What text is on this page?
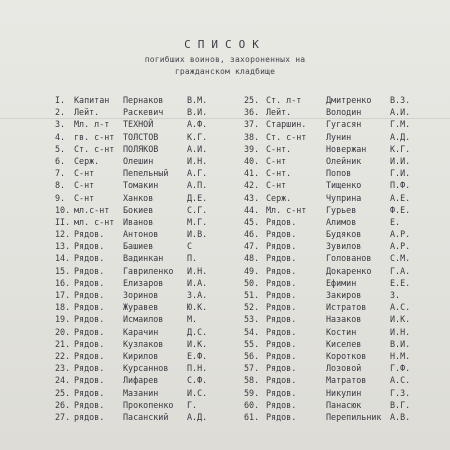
СПИСОК
погибших воинов, захороненных на
гражданском кладбище
I. Капитан Пернаков	В.М.
2. Лейт.	Раскевич	В.И.
3. Мл. л-т ТЕХНОЙ	А.Ф.
4. гв. с-нт ТОЛСТОВ	К.Г.
5. Ст. с-нт ПОЛЯКОВ	А.И.
6. Серж.	Олешин	И.Н.
7. С-нт	Пепельный А.Г.
8. С-нт	Томакин	А.П.
9. С-нт	Ханков	Д.Е.
10. мл.с-нт Бокиев	С.Г.
II. мл. с-нт Иванов	М.Г.
12. Рядов. Антонов	И.В.
13. Рядов. Башиев	С
14. Рядов. Вадинкан	П.
15. Рядов. Гавриленко И.Н.
16. Рядов. Елизаров	И.А.
17. Рядов. Зоринов	З.А.
18. Рядов. Журавев	Ю.К.
19. Рядов. Исмаилов	М.
20. Рядов. Карачин	Д.С.
21. Рядов. Кузлаков	И.К.
22. Рядов. Кирилов	Е.Ф.
23. Рядов. Курсаннов П.Н.
24. Рядов. Лифарев	С.Ф.
25. Рядов. Мазанин	И.С.
26. Рядов. Прокопенко Г.
27. рядов. Пасанский А.Д.
25. Ст. л-т	Дмитренко В.З.
36. Лейт.	Володин	А.И.
37. Старшин. Гугасян	Г.М.
38. Ст. с-нт Лунин	А.Д.
39. С-нт.	Новержан	К.Г.
40. С-нт	Олейник	И.И.
41. С-нт.	Попов	Г.И.
42. С-нт	Тищенко	П.Ф.
43. Серж.	Чуприна	А.Е.
44. Мл. с-нт Гурьев	Ф.Е.
45. Рядов.	Алимов	Е.
46. Рядов.	Будяков	А.Р.
47. Рядов.	Зувилов	А.Р.
48. Рядов.	Голованов С.М.
49. Рядов.	Докаренко Г.А.
50. Рядов.	Ефимин	Е.Е.
51. Рядов.	Закиров	З.
52. Рядов.	Истратов	А.С.
53. Рядов.	Назаков	И.К.
54. Рядов.	Костин	И.Н.
55. Рядов.	Киселев	В.И.
56. Рядов.	Коротков	Н.М.
57. Рядов.	Лозовой	Г.Ф.
58. Рядов.	Матратов	А.С.
59. Рядов.	Никулин	Г.З.
60. Рядов.	Панасюк	В.Г.
61. Рядов.	Перепильник А.В.
